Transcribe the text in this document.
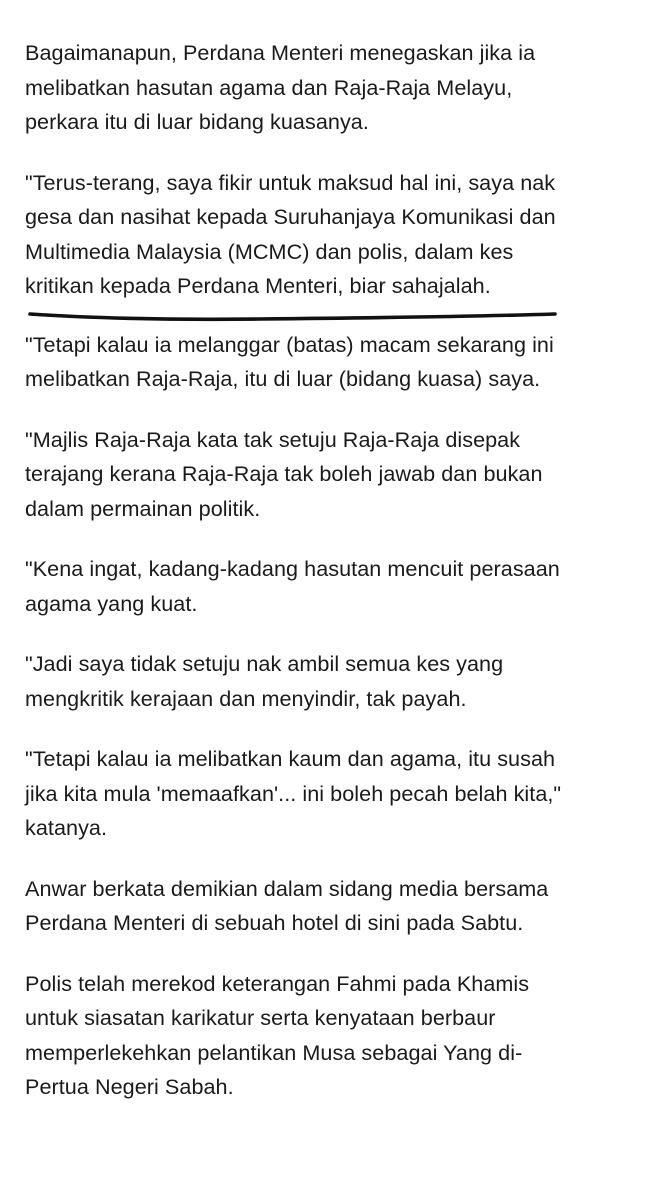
Bagaimanapun, Perdana Menteri menegaskan jika ia
melibatkan hasutan agama dan Raja-Raja Melayu,
perkara itu di luar bidang kuasanya.

"Terus-terang, saya fikir untuk maksud hal ini, saya nak
gesa dan nasihat kepada Suruhanjaya Komunikasi dan
Multimedia Malaysia (MCMC) dan polis, dalam kes
kritikan kepada Perdana Menteri, biar sahajalah.

"Tetapi kalau ia melanggar (batas) macam sekarang ini
melibatkan Raja-Raja, itu di luar (bidang kuasa) saya.

"Majlis Raja-Raja kata tak setuju Raja-Raja disepak
terajang kerana Raja-Raja tak boleh jawab dan bukan
dalam permainan politik.

"Kena ingat, kadang-kadang hasutan mencuit perasaan
agama yang kuat.

"Jadi saya tidak setuju nak ambil semua kes yang
mengkritik kerajaan dan menyindir, tak payah.

"Tetapi kalau ia melibatkan kaum dan agama, itu susah
jika kita mula 'memaafkan'... ini boleh pecah belah kita,"
katanya.

Anwar berkata demikian dalam sidang media bersama
Perdana Menteri di sebuah hotel di sini pada Sabtu.

Polis telah merekod keterangan Fahmi pada Khamis
untuk siasatan karikatur serta kenyataan berbaur
memperlekehkan pelantikan Musa sebagai Yang di-
Pertua Negeri Sabah.
